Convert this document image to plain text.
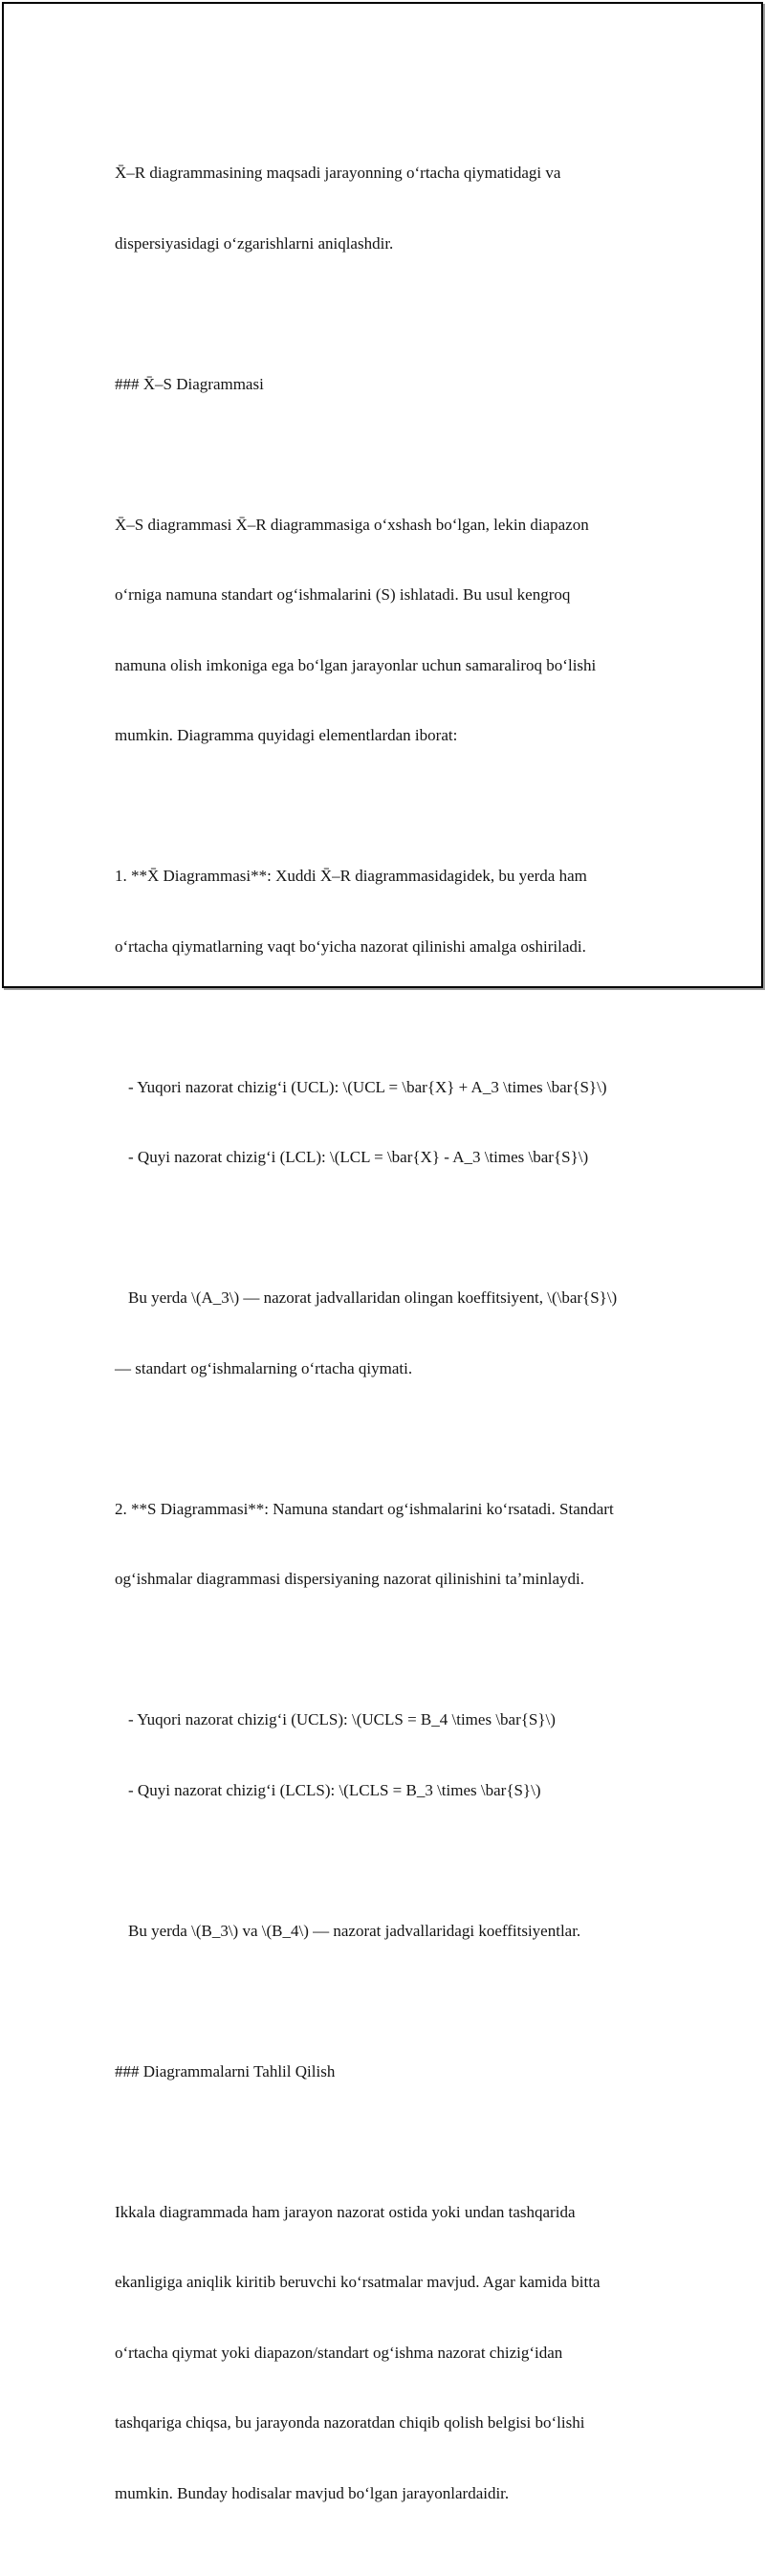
X̄–R diagrammasining maqsadi jarayonning oʻrtacha qiymatidagi va

dispersiyasidagi oʻzgarishlarni aniqlashdir.

### X̄–S Diagrammasi

X̄–S diagrammasi X̄–R diagrammasiga oʻxshash boʻlgan, lekin diapazon

oʻrniga namuna standart ogʻishmalarini (S) ishlatadi. Bu usul kengroq

namuna olish imkoniga ega boʻlgan jarayonlar uchun samaraliroq boʻlishi

mumkin. Diagramma quyidagi elementlardan iborat:

1. **X̄ Diagrammasi**: Xuddi X̄–R diagrammasidagidek, bu yerda ham

oʻrtacha qiymatlarning vaqt boʻyicha nazorat qilinishi amalga oshiriladi.

- Yuqori nazorat chizigʻi (UCL): \(UCL = \bar{X} + A_3 \times \bar{S}\)

- Quyi nazorat chizigʻi (LCL): \(LCL = \bar{X} - A_3 \times \bar{S}\)

Bu yerda \(A_3\) — nazorat jadvallaridan olingan koeffitsiyent, \(\bar{S}\)

— standart ogʻishmalarning oʻrtacha qiymati.

2. **S Diagrammasi**: Namuna standart ogʻishmalarini koʻrsatadi. Standart

ogʻishmalar diagrammasi dispersiyaning nazorat qilinishini taʼminlaydi.

- Yuqori nazorat chizigʻi (UCLS): \(UCLS = B_4 \times \bar{S}\)

- Quyi nazorat chizigʻi (LCLS): \(LCLS = B_3 \times \bar{S}\)

Bu yerda \(B_3\) va \(B_4\) — nazorat jadvallaridagi koeffitsiyentlar.

### Diagrammalarni Tahlil Qilish

Ikkala diagrammada ham jarayon nazorat ostida yoki undan tashqarida

ekanligiga aniqlik kiritib beruvchi koʻrsatmalar mavjud. Agar kamida bitta

oʻrtacha qiymat yoki diapazon/standart ogʻishma nazorat chizigʻidan

tashqariga chiqsa, bu jarayonda nazoratdan chiqib qolish belgisi boʻlishi

mumkin. Bunday hodisalar mavjud boʻlgan jarayonlardaidir.
